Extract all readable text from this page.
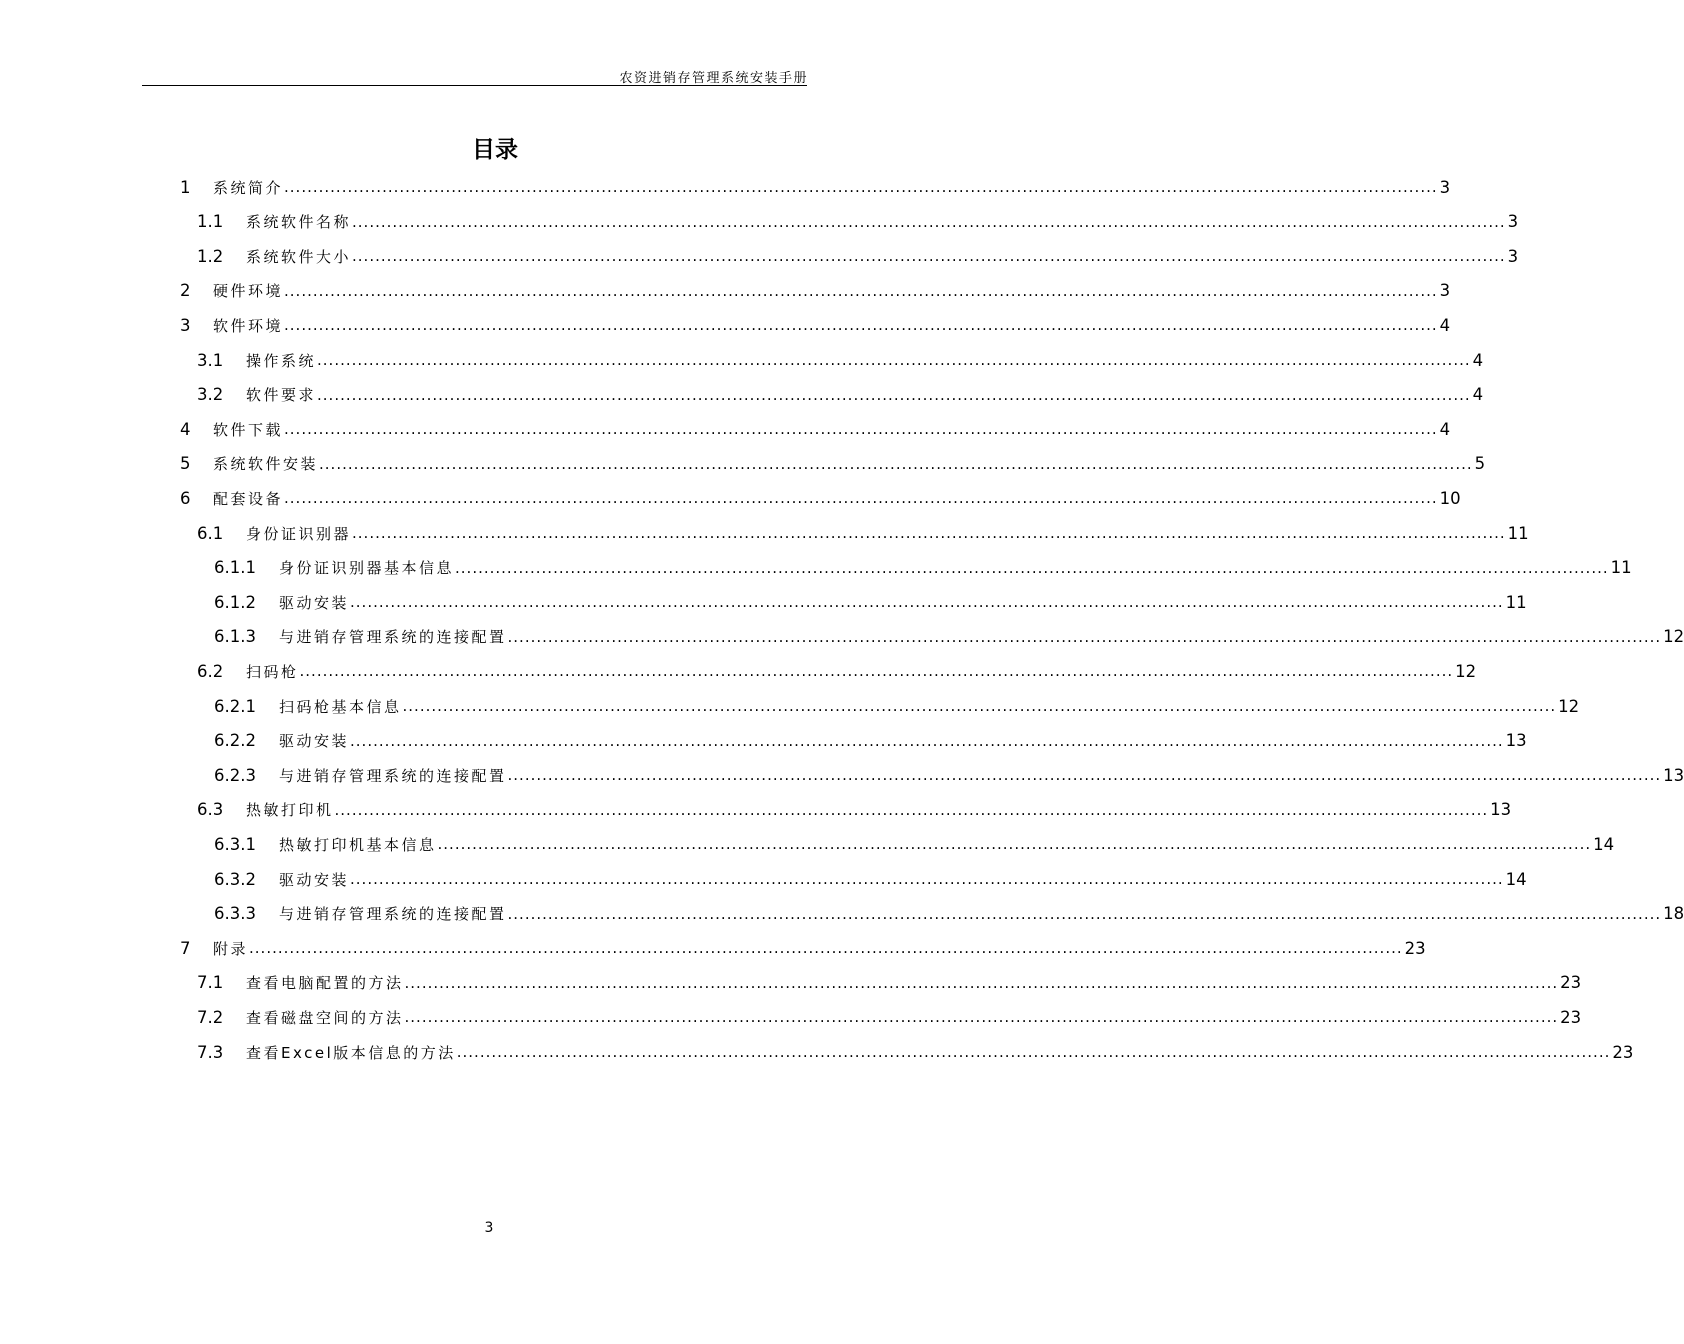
农资进销存管理系统安装手册
目录
1	系统简介 ........................................................................................................................................................................................................ 3
1.1	系统软件名称 ........................................................................................................................................................................................................ 3
1.2	系统软件大小 ........................................................................................................................................................................................................ 3
2	硬件环境 ........................................................................................................................................................................................................ 3
3	软件环境 ........................................................................................................................................................................................................ 4
3.1	操作系统 ........................................................................................................................................................................................................ 4
3.2	软件要求 ........................................................................................................................................................................................................ 4
4	软件下载 ........................................................................................................................................................................................................ 4
5	系统软件安装 ........................................................................................................................................................................................................ 5
6	配套设备 ........................................................................................................................................................................................................ 10
6.1	身份证识别器 ........................................................................................................................................................................................................ 11
6.1.1	身份证识别器基本信息 ........................................................................................................................................................................................................ 11
6.1.2	驱动安装 ........................................................................................................................................................................................................ 11
6.1.3	与进销存管理系统的连接配置 ........................................................................................................................................................................................................ 12
6.2	扫码枪 ........................................................................................................................................................................................................ 12
6.2.1	扫码枪基本信息 ........................................................................................................................................................................................................ 12
6.2.2	驱动安装 ........................................................................................................................................................................................................ 13
6.2.3	与进销存管理系统的连接配置 ........................................................................................................................................................................................................ 13
6.3	热敏打印机 ........................................................................................................................................................................................................ 13
6.3.1	热敏打印机基本信息 ........................................................................................................................................................................................................ 14
6.3.2	驱动安装 ........................................................................................................................................................................................................ 14
6.3.3	与进销存管理系统的连接配置 ........................................................................................................................................................................................................ 18
7	附录 ........................................................................................................................................................................................................ 23
7.1	查看电脑配置的方法 ........................................................................................................................................................................................................ 23
7.2	查看磁盘空间的方法 ........................................................................................................................................................................................................ 23
7.3	查看Excel版本信息的方法 ........................................................................................................................................................................................................ 23
3
